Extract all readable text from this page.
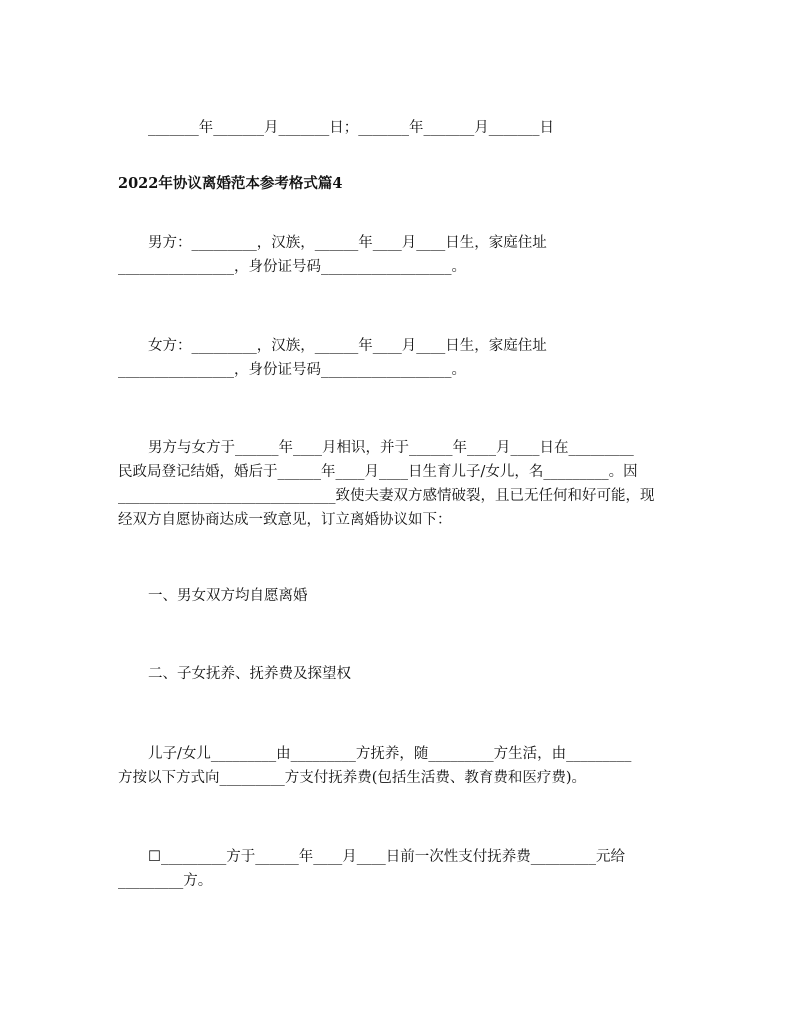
_______年_______月_______日；_______年_______月_______日
2022年协议离婚范本参考格式篇4
男方：_________，汉族，______年____月____日生，家庭住址
________________，身份证号码__________________。
女方：_________，汉族，______年____月____日生，家庭住址
________________，身份证号码__________________。
男方与女方于______年____月相识，并于______年____月____日在_________
民政局登记结婚，婚后于______年____月____日生育儿子/女儿，名_________。因
______________________________致使夫妻双方感情破裂，且已无任何和好可能，现
经双方自愿协商达成一致意见，订立离婚协议如下：
一、男女双方均自愿离婚
二、子女抚养、抚养费及探望权
儿子/女儿_________由_________方抚养，随_________方生活，由_________
方按以下方式向_________方支付抚养费(包括生活费、教育费和医疗费)。
☐_________方于______年____月____日前一次性支付抚养费_________元给
_________方。
